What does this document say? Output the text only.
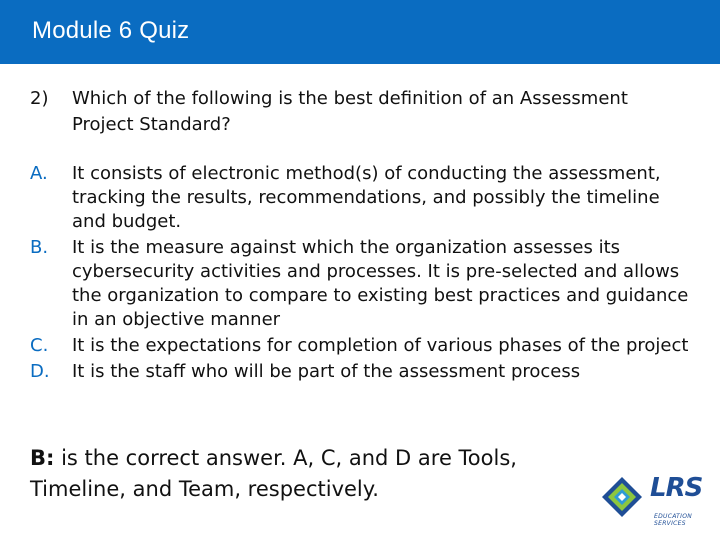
Module 6 Quiz
2)	Which of the following is the best definition of an Assessment Project Standard?
A.	It consists of electronic method(s) of conducting the assessment, tracking the results, recommendations, and possibly the timeline and budget.
B.	It is the measure against which the organization assesses its cybersecurity activities and processes. It is pre-selected and allows the organization to compare to existing best practices and guidance in an objective manner
C.	It is the expectations for completion of various phases of the project
D.	It is the staff who will be part of the assessment process
B: is the correct answer. A, C, and D are Tools, Timeline, and Team, respectively.	LRS
EDUCATION SERVICES
